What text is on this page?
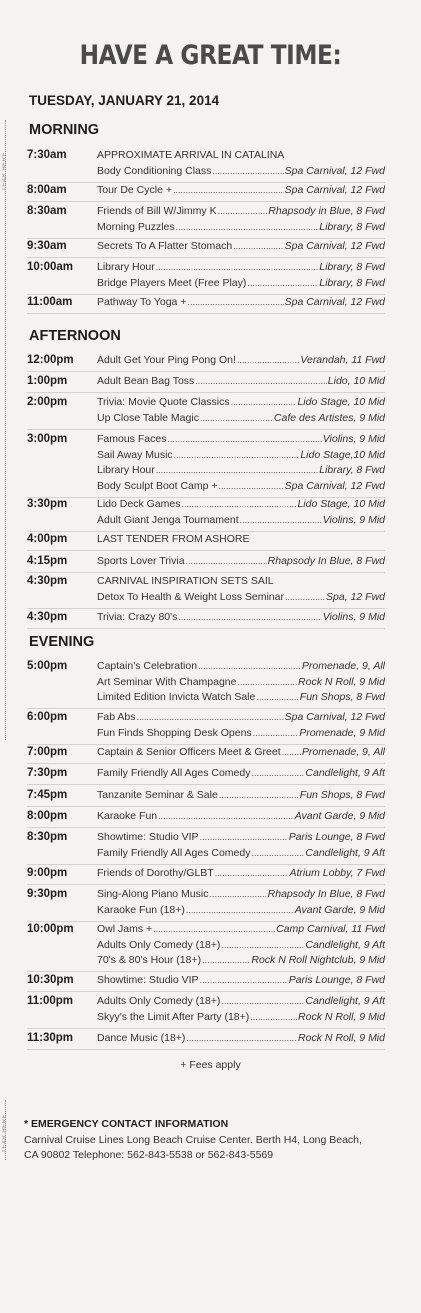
TEAR HERE
TEAR HERE
HAVE A GREAT TIME:
TUESDAY, JANUARY 21, 2014
MORNING
7:30am	APPROXIMATE ARRIVAL IN CATALINA
Body Conditioning Class .....	Spa Carnival, 12 Fwd
8:00am	Tour De Cycle + .....	Spa Carnival, 12 Fwd
8:30am	Friends of Bill W/Jimmy K .....	Rhapsody in Blue, 8 Fwd
Morning Puzzles .....	Library, 8 Fwd
9:30am	Secrets To A Flatter Stomach .....	Spa Carnival, 12 Fwd
10:00am Library Hour .....	Library, 8 Fwd
Bridge Players Meet (Free Play) .....	Library, 8 Fwd
11:00am Pathway To Yoga + .....	Spa Carnival, 12 Fwd
AFTERNOON
12:00pm Adult Get Your Ping Pong On! .....	Verandah, 11 Fwd
1:00pm	Adult Bean Bag Toss .....	Lido, 10 Mid
2:00pm	Trivia: Movie Quote Classics .....	Lido Stage, 10 Mid
Up Close Table Magic .....	Cafe des Artistes, 9 Mid
3:00pm	Famous Faces .....	Violins, 9 Mid
Sail Away Music .....	Lido Stage,10 Mid
Library Hour .....	Library, 8 Fwd
Body Sculpt Boot Camp + .....	Spa Carnival, 12 Fwd
3:30pm	Lido Deck Games .....	Lido Stage, 10 Mid
Adult Giant Jenga Tournament .....	Violins, 9 Mid
4:00pm	LAST TENDER FROM ASHORE
4:15pm	Sports Lover Trivia .....	Rhapsody In Blue, 8 Fwd
4:30pm	CARNIVAL INSPIRATION SETS SAIL
Detox To Health & Weight Loss Seminar .....	Spa, 12 Fwd
4:30pm	Trivia: Crazy 80's .....	Violins, 9 Mid
EVENING
5:00pm	Captain's Celebration .....	Promenade, 9, All
Art Seminar With Champagne .....	Rock N Roll, 9 Mid
Limited Edition Invicta Watch Sale .....	Fun Shops, 8 Fwd
6:00pm	Fab Abs .....	Spa Carnival, 12 Fwd
Fun Finds Shopping Desk Opens .....	Promenade, 9 Mid
7:00pm	Captain & Senior Officers Meet & Greet ..... Promenade, 9, All
7:30pm	Family Friendly All Ages Comedy .....	Candlelight, 9 Aft
7:45pm	Tanzanite Seminar & Sale .....	Fun Shops, 8 Fwd
8:00pm	Karaoke Fun .....	Avant Garde, 9 Mid
8:30pm	Showtime: Studio VIP .....	Paris Lounge, 8 Fwd
Family Friendly All Ages Comedy .....	Candlelight, 9 Aft
9:00pm	Friends of Dorothy/GLBT .....	Atrium Lobby, 7 Fwd
9:30pm	Sing-Along Piano Music .....	Rhapsody In Blue, 8 Fwd
Karaoke Fun (18+) .....	Avant Garde, 9 Mid
10:00pm Owl Jams + .....	Camp Carnival, 11 Fwd
Adults Only Comedy (18+) .....	Candlelight, 9 Aft
70's & 80's Hour (18+) .....	Rock N Roll Nightclub, 9 Mid
10:30pm Showtime: Studio VIP .....	Paris Lounge, 8 Fwd
11:00pm Adults Only Comedy (18+) .....	Candlelight, 9 Aft
Skyy's the Limit After Party (18+) .....	Rock N Roll, 9 Mid
11:30pm Dance Music (18+) .....	Rock N Roll, 9 Mid
+ Fees apply
* EMERGENCY CONTACT INFORMATION
Carnival Cruise Lines Long Beach Cruise Center. Berth H4, Long Beach, CA 90802 Telephone: 562-843-5538 or 562-843-5569
